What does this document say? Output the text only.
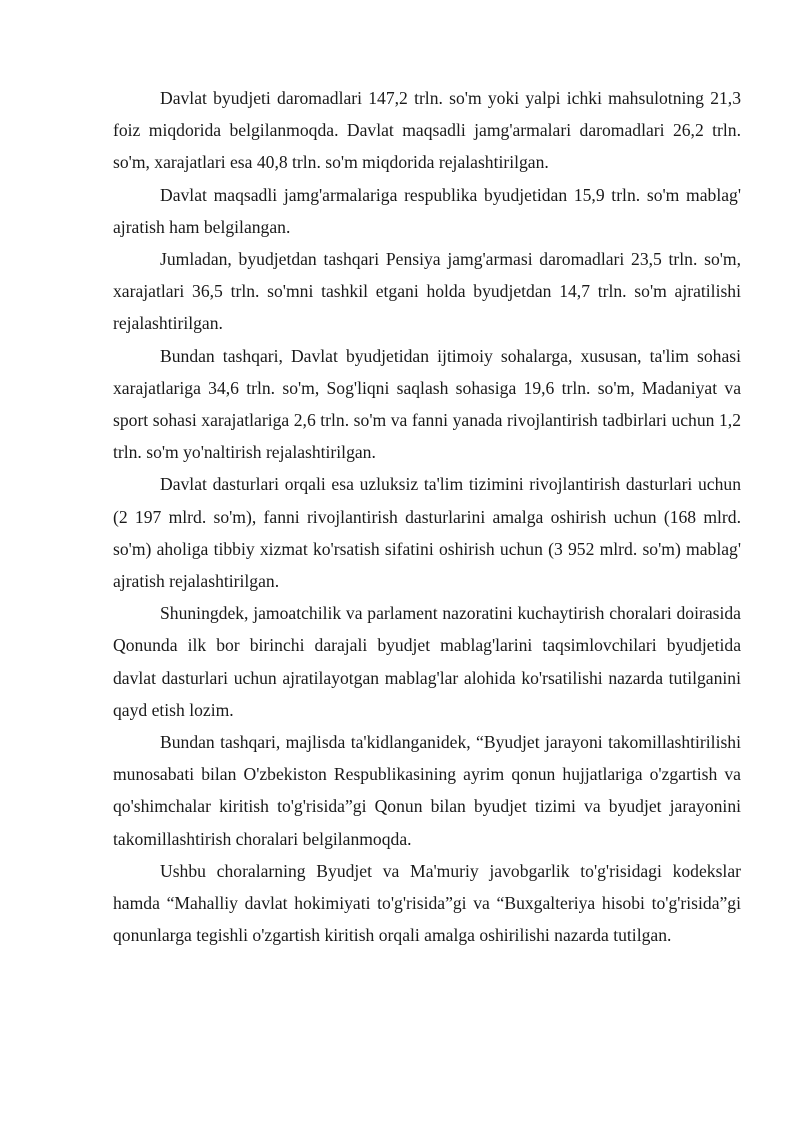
Davlat byudjeti daromadlari 147,2 trln. so'm yoki yalpi ichki mahsulotning 21,3 foiz miqdorida belgilanmoqda. Davlat maqsadli jamg'armalari daromadlari 26,2 trln. so'm, xarajatlari esa 40,8 trln. so'm miqdorida rejalashtirilgan.

Davlat maqsadli jamg'armalariga respublika byudjetidan 15,9 trln. so'm mablag' ajratish ham belgilangan.

Jumladan, byudjetdan tashqari Pensiya jamg'armasi daromadlari 23,5 trln. so'm, xarajatlari 36,5 trln. so'mni tashkil etgani holda byudjetdan 14,7 trln. so'm ajratilishi rejalashtirilgan.

Bundan tashqari, Davlat byudjetidan ijtimoiy sohalarga, xususan, ta'lim sohasi xarajatlariga 34,6 trln. so'm, Sog'liqni saqlash sohasiga 19,6 trln. so'm, Madaniyat va sport sohasi xarajatlariga 2,6 trln. so'm va fanni yanada rivojlantirish tadbirlari uchun 1,2 trln. so'm yo'naltirish rejalashtirilgan.

Davlat dasturlari orqali esa uzluksiz ta'lim tizimini rivojlantirish dasturlari uchun (2 197 mlrd. so'm), fanni rivojlantirish dasturlarini amalga oshirish uchun (168 mlrd. so'm) aholiga tibbiy xizmat ko'rsatish sifatini oshirish uchun (3 952 mlrd. so'm) mablag' ajratish rejalashtirilgan.

Shuningdek, jamoatchilik va parlament nazoratini kuchaytirish choralari doirasida Qonunda ilk bor birinchi darajali byudjet mablag'larini taqsimlovchilari byudjetida davlat dasturlari uchun ajratilayotgan mablag'lar alohida ko'rsatilishi nazarda tutilganini qayd etish lozim.

Bundan tashqari, majlisda ta'kidlanganidek, “Byudjet jarayoni takomillashtirilishi munosabati bilan O'zbekiston Respublikasining ayrim qonun hujjatlariga o'zgartish va qo'shimchalar kiritish to'g'risida”gi Qonun bilan byudjet tizimi va byudjet jarayonini takomillashtirish choralari belgilanmoqda.

Ushbu choralarning Byudjet va Ma'muriy javobgarlik to'g'risidagi kodekslar hamda “Mahalliy davlat hokimiyati to'g'risida”gi va “Buxgalteriya hisobi to'g'risida”gi qonunlarga tegishli o'zgartish kiritish orqali amalga oshirilishi nazarda tutilgan.
